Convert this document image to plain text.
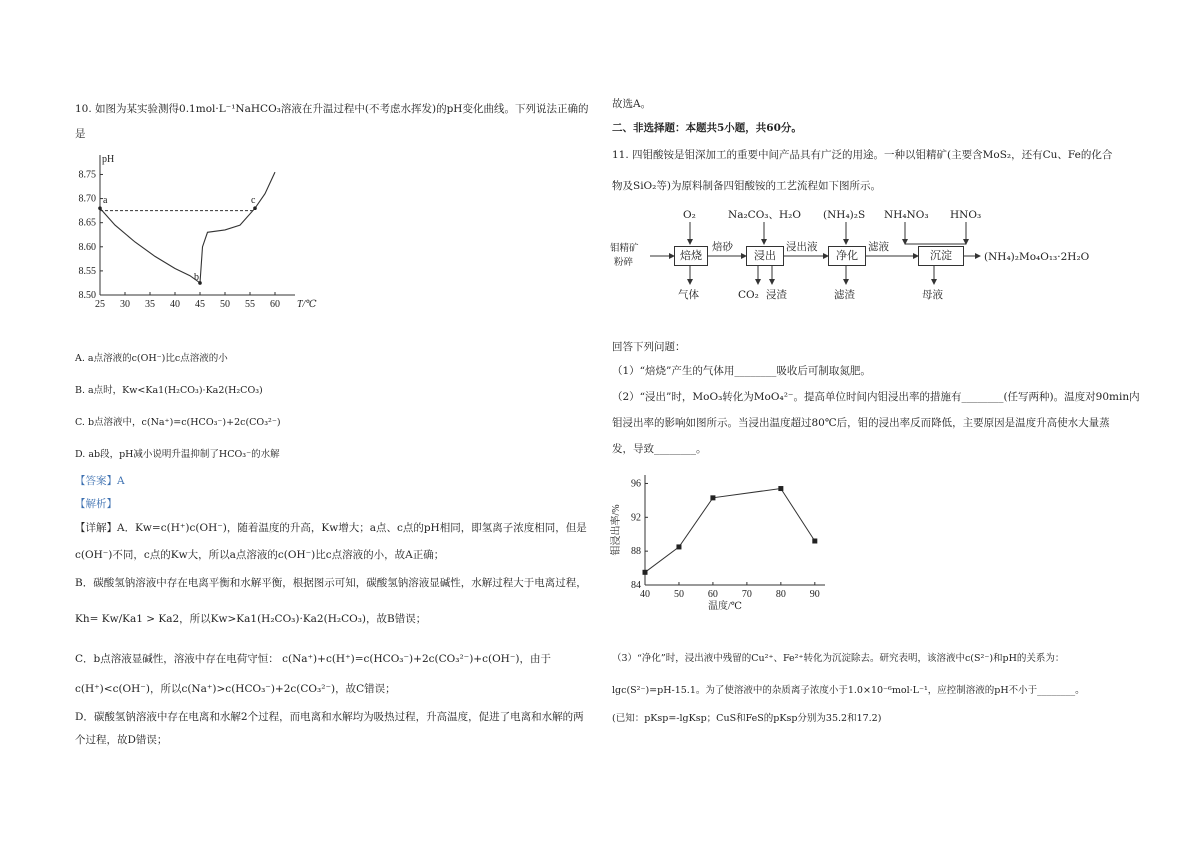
10. 如图为某实验测得0.1mol·L⁻¹NaHCO₃溶液在升温过程中(不考虑水挥发)的pH变化曲线。下列说法正确的
是
25 30 35 40 45 50 55 60
8.50
8.55
8.60
8.65
8.70
8.75
pH
T/℃
a
b
c
A. a点溶液的c(OH⁻)比c点溶液的小
B. a点时，Kw<Ka1(H₂CO₃)·Ka2(H₂CO₃)
C. b点溶液中，c(Na⁺)=c(HCO₃⁻)+2c(CO₃²⁻)
D. ab段，pH减小说明升温抑制了HCO₃⁻的水解
【答案】A
【解析】
【详解】A．Kw=c(H⁺)c(OH⁻)，随着温度的升高，Kw增大；a点、c点的pH相同，即氢离子浓度相同，但是
c(OH⁻)不同，c点的Kw大，所以a点溶液的c(OH⁻)比c点溶液的小，故A正确；
B．碳酸氢钠溶液中存在电离平衡和水解平衡，根据图示可知，碳酸氢钠溶液显碱性，水解过程大于电离过程，
Kh= Kw/Ka1 > Ka2，所以Kw>Ka1(H₂CO₃)·Ka2(H₂CO₃)，故B错误；
C．b点溶液显碱性，溶液中存在电荷守恒： c(Na⁺)+c(H⁺)=c(HCO₃⁻)+2c(CO₃²⁻)+c(OH⁻)，由于
c(H⁺)<c(OH⁻)，所以c(Na⁺)>c(HCO₃⁻)+2c(CO₃²⁻)，故C错误；
D．碳酸氢钠溶液中存在电离和水解2个过程，而电离和水解均为吸热过程，升高温度，促进了电离和水解的两
个过程，故D错误；
故选A。
二、非选择题：本题共5小题，共60分。
11. 四钼酸铵是钼深加工的重要中间产品具有广泛的用途。一种以钼精矿(主要含MoS₂，还有Cu、Fe的化合
物及SiO₂等)为原料制备四钼酸铵的工艺流程如下图所示。
钼精矿
粉碎
焙烧	浸出	净化	沉淀
O₂	Na₂CO₃、H₂O (NH₄)₂S NH₄NO₃ HNO₃
焙砂	浸出液	滤液
气体	CO₂ 浸渣	滤渣	母液
(NH₄)₂Mo₄O₁₃·2H₂O
回答下列问题：
（1）“焙烧”产生的气体用________吸收后可制取氮肥。
（2）“浸出”时，MoO₃转化为MoO₄²⁻。提高单位时间内钼浸出率的措施有________(任写两种)。温度对90min内
钼浸出率的影响如图所示。当浸出温度超过80℃后，钼的浸出率反而降低，主要原因是温度升高使水大量蒸
发，导致________。
40 50 60 70 80 90
84
88
92
96
温度/℃
钼浸出率/%
（3）“净化”时，浸出液中残留的Cu²⁺、Fe²⁺转化为沉淀除去。研究表明，该溶液中c(S²⁻)和pH的关系为：
lgc(S²⁻)=pH-15.1。为了使溶液中的杂质离子浓度小于1.0×10⁻⁶mol·L⁻¹，应控制溶液的pH不小于________。
(已知：pKsp=-lgKsp；CuS和FeS的pKsp分别为35.2和17.2)
